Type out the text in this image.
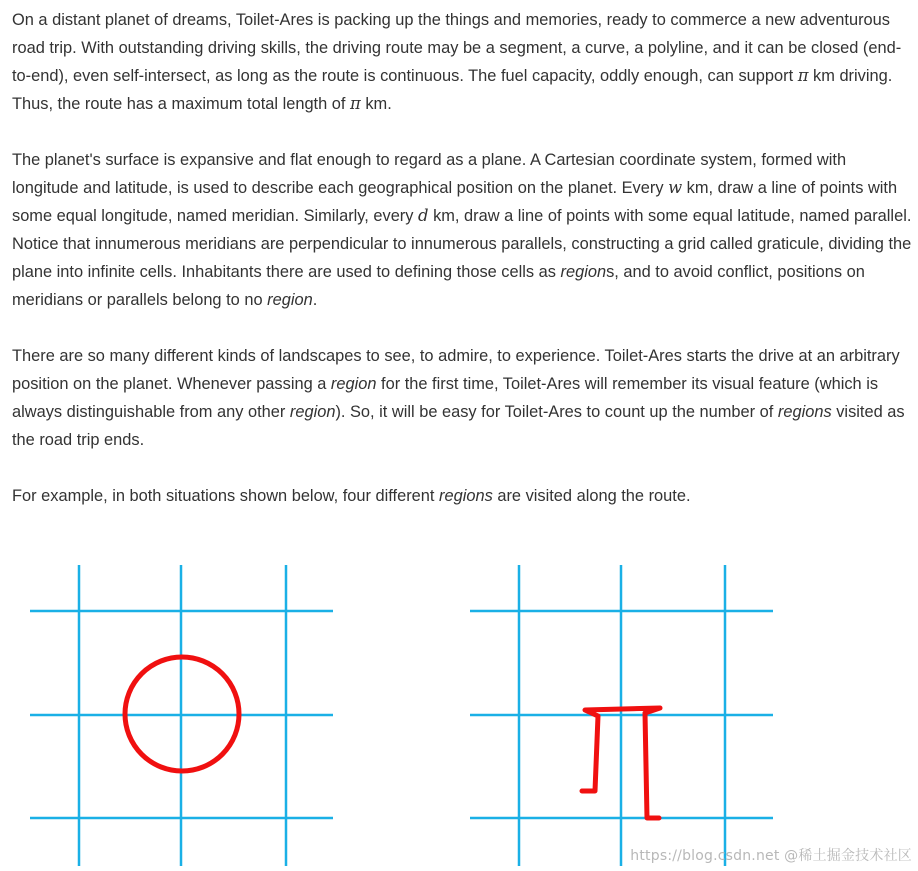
On a distant planet of dreams, Toilet-Ares is packing up the things and memories, ready to commerce a new adventurous road trip. With outstanding driving skills, the driving route may be a segment, a curve, a polyline, and it can be closed (end-to-end), even self-intersect, as long as the route is continuous. The fuel capacity, oddly enough, can support π km driving. Thus, the route has a maximum total length of π km.

The planet's surface is expansive and flat enough to regard as a plane. A Cartesian coordinate system, formed with longitude and latitude, is used to describe each geographical position on the planet. Every w km, draw a line of points with some equal longitude, named meridian. Similarly, every d km, draw a line of points with some equal latitude, named parallel. Notice that innumerous meridians are perpendicular to innumerous parallels, constructing a grid called graticule, dividing the plane into infinite cells. Inhabitants there are used to defining those cells as regions, and to avoid conflict, positions on meridians or parallels belong to no region.

There are so many different kinds of landscapes to see, to admire, to experience. Toilet-Ares starts the drive at an arbitrary position on the planet. Whenever passing a region for the first time, Toilet-Ares will remember its visual feature (which is always distinguishable from any other region). So, it will be easy for Toilet-Ares to count up the number of regions visited as the road trip ends.

For example, in both situations shown below, four different regions are visited along the route.

https://blog.csdn.net @稀土掘金技术社区
